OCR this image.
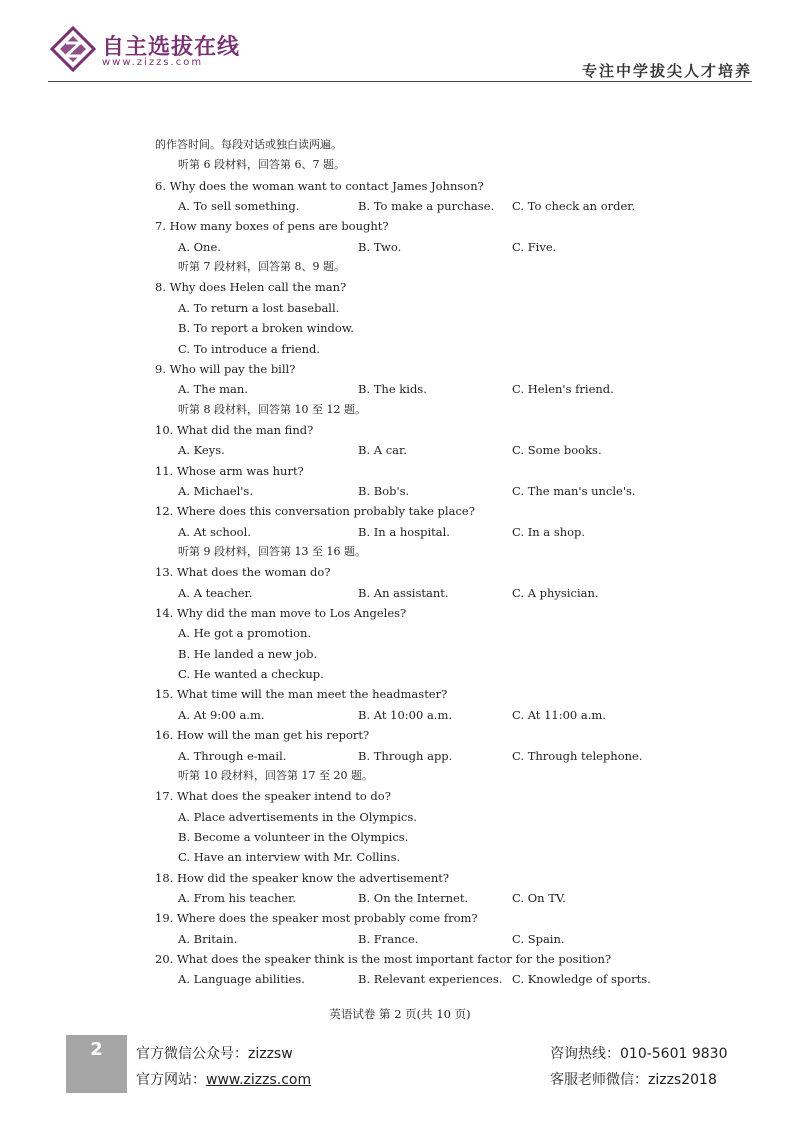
自主选拔在线
www.zizzs.com	专注中学拔尖人才培养
的作答时间。每段对话或独白读两遍。
听第 6 段材料，回答第 6、7 题。
6. Why does the woman want to contact James Johnson?
A. To sell something.	B. To make a purchase. C. To check an order.
7. How many boxes of pens are bought?
A. One.	B. Two.	C. Five.
听第 7 段材料，回答第 8、9 题。
8. Why does Helen call the man?
A. To return a lost baseball.
B. To report a broken window.
C. To introduce a friend.
9. Who will pay the bill?
A. The man.	B. The kids.	C. Helen's friend.
听第 8 段材料，回答第 10 至 12 题。
10. What did the man find?
A. Keys.	B. A car.	C. Some books.
11. Whose arm was hurt?
A. Michael's.	B. Bob's.	C. The man's uncle's.
12. Where does this conversation probably take place?
A. At school.	B. In a hospital.	C. In a shop.
听第 9 段材料，回答第 13 至 16 题。
13. What does the woman do?
A. A teacher.	B. An assistant.	C. A physician.
14. Why did the man move to Los Angeles?
A. He got a promotion.
B. He landed a new job.
C. He wanted a checkup.
15. What time will the man meet the headmaster?
A. At 9:00 a.m.	B. At 10:00 a.m.	C. At 11:00 a.m.
16. How will the man get his report?
A. Through e-mail.	B. Through app.	C. Through telephone.
听第 10 段材料，回答第 17 至 20 题。
17. What does the speaker intend to do?
A. Place advertisements in the Olympics.
B. Become a volunteer in the Olympics.
C. Have an interview with Mr. Collins.
18. How did the speaker know the advertisement?
A. From his teacher.	B. On the Internet.	C. On TV.
19. Where does the speaker most probably come from?
A. Britain.	B. France.	C. Spain.
20. What does the speaker think is the most important factor for the position?
A. Language abilities.	B. Relevant experiences. C. Knowledge of sports.
英语试卷 第 2 页(共 10 页)
2	官方微信公众号：zizzsw
官方网站：www.zizzs.com
咨询热线：010-5601 9830
客服老师微信：zizzs2018
